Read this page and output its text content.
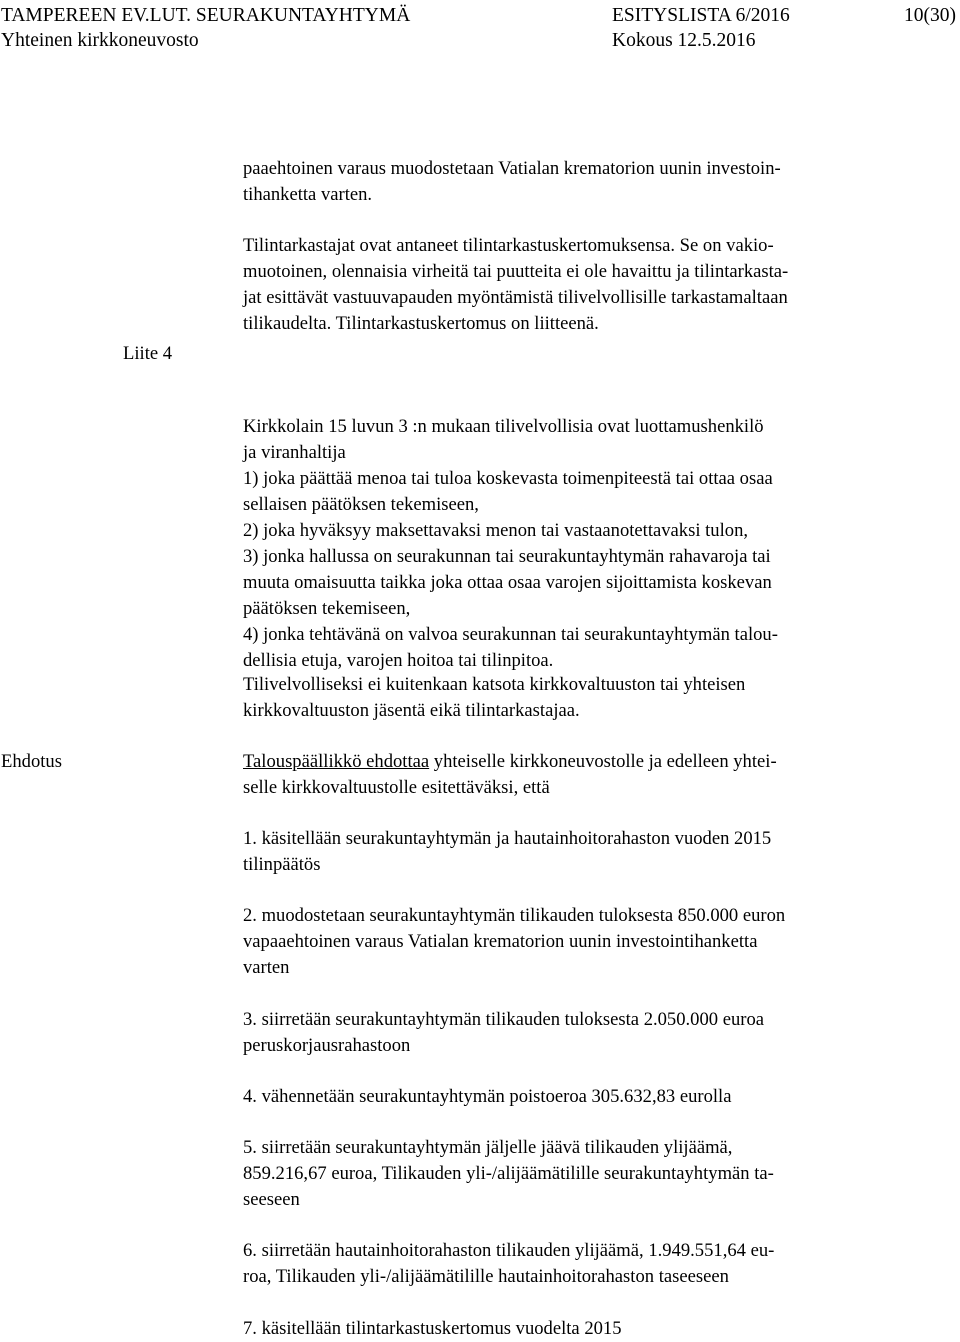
TAMPEREEN EV.LUT. SEURAKUNTAYHTYMÄ	ESITYSLISTA 6/2016	10(30)
Yhteinen kirkkoneuvosto	Kokous 12.5.2016
Liite 4
Ehdotus
paaehtoinen varaus muodostetaan Vatialan krematorion uunin investoin-
tihanketta varten.
Tilintarkastajat ovat antaneet tilintarkastuskertomuksensa. Se on vakio-
muotoinen, olennaisia virheitä tai puutteita ei ole havaittu ja tilintarkasta-
jat esittävät vastuuvapauden myöntämistä tilivelvollisille tarkastamaltaan
tilikaudelta. Tilintarkastuskertomus on liitteenä.
Kirkkolain 15 luvun 3 :n mukaan tilivelvollisia ovat luottamushenkilö
ja viranhaltija
1) joka päättää menoa tai tuloa koskevasta toimenpiteestä tai ottaa osaa
sellaisen päätöksen tekemiseen,
2) joka hyväksyy maksettavaksi menon tai vastaanotettavaksi tulon,
3) jonka hallussa on seurakunnan tai seurakuntayhtymän rahavaroja tai
muuta omaisuutta taikka joka ottaa osaa varojen sijoittamista koskevan
päätöksen tekemiseen,
4) jonka tehtävänä on valvoa seurakunnan tai seurakuntayhtymän talou-
dellisia etuja, varojen hoitoa tai tilinpitoa.
Tilivelvolliseksi ei kuitenkaan katsota kirkkovaltuuston tai yhteisen
kirkkovaltuuston jäsentä eikä tilintarkastajaa.
Talouspäällikkö ehdottaa yhteiselle kirkkoneuvostolle ja edelleen yhtei-
selle kirkkovaltuustolle esitettäväksi, että
1. käsitellään seurakuntayhtymän ja hautainhoitorahaston vuoden 2015
tilinpäätös
2. muodostetaan seurakuntayhtymän tilikauden tuloksesta 850.000 euron
vapaaehtoinen varaus Vatialan krematorion uunin investointihanketta
varten
3. siirretään seurakuntayhtymän tilikauden tuloksesta 2.050.000 euroa
peruskorjausrahastoon
4. vähennetään seurakuntayhtymän poistoeroa 305.632,83 eurolla
5. siirretään seurakuntayhtymän jäljelle jäävä tilikauden ylijäämä,
859.216,67 euroa, Tilikauden yli-/alijäämätilille seurakuntayhtymän ta-
seeseen
6. siirretään hautainhoitorahaston tilikauden ylijäämä, 1.949.551,64 eu-
roa, Tilikauden yli-/alijäämätilille hautainhoitorahaston taseeseen
7. käsitellään tilintarkastuskertomus vuodelta 2015
